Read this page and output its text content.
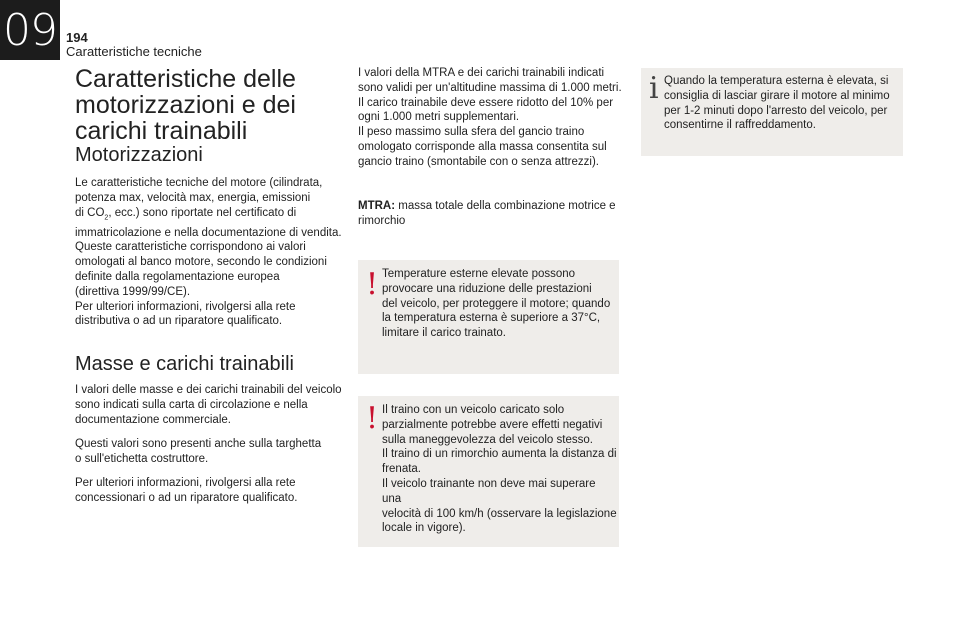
09 194
Caratteristiche tecniche
Caratteristiche delle
motorizzazioni e dei
carichi trainabili
Motorizzazioni

Le caratteristiche tecniche del motore (cilindrata,

potenza max, velocità max, energia, emissioni

di $CO_2$, ecc.) sono riportate nel certificato di

immatricolazione e nella documentazione di vendita.

Queste caratteristiche corrispondono ai valori

omologati al banco motore, secondo le condizioni

definite dalla regolamentazione europea

(direttiva 1999/99/CE).

Per ulteriori informazioni, rivolgersi alla rete

distributiva o ad un riparatore qualificato.

Masse e carichi trainabili

I valori delle masse e dei carichi trainabili del veicolo

sono indicati sulla carta di circolazione e nella

documentazione commerciale.

Questi valori sono presenti anche sulla targhetta

o sull'etichetta costruttore.

Per ulteriori informazioni, rivolgersi alla rete

concessionari o ad un riparatore qualificato.

I valori della MTRA e dei carichi trainabili indicati

sono validi per un'altitudine massima di 1.000 metri.

Il carico trainabile deve essere ridotto del 10% per

ogni 1.000 metri supplementari.

Il peso massimo sulla sfera del gancio traino

omologato corrisponde alla massa consentita sul

gancio traino (smontabile con o senza attrezzi).

MTRA: massa totale della combinazione motrice e

rimorchio

! Temperature esterne elevate possono

provocare una riduzione delle prestazioni

del veicolo, per proteggere il motore; quando

la temperatura esterna è superiore a 37°C,

limitare il carico trainato.

! Il traino con un veicolo caricato solo

parzialmente potrebbe avere effetti negativi

sulla maneggevolezza del veicolo stesso.

Il traino di un rimorchio aumenta la distanza di

frenata.

Il veicolo trainante non deve mai superare una

velocità di 100 km/h (osservare la legislazione

locale in vigore).

i Quando la temperatura esterna è elevata, si

consiglia di lasciar girare il motore al minimo

per 1-2 minuti dopo l'arresto del veicolo, per

consentirne il raffreddamento.
